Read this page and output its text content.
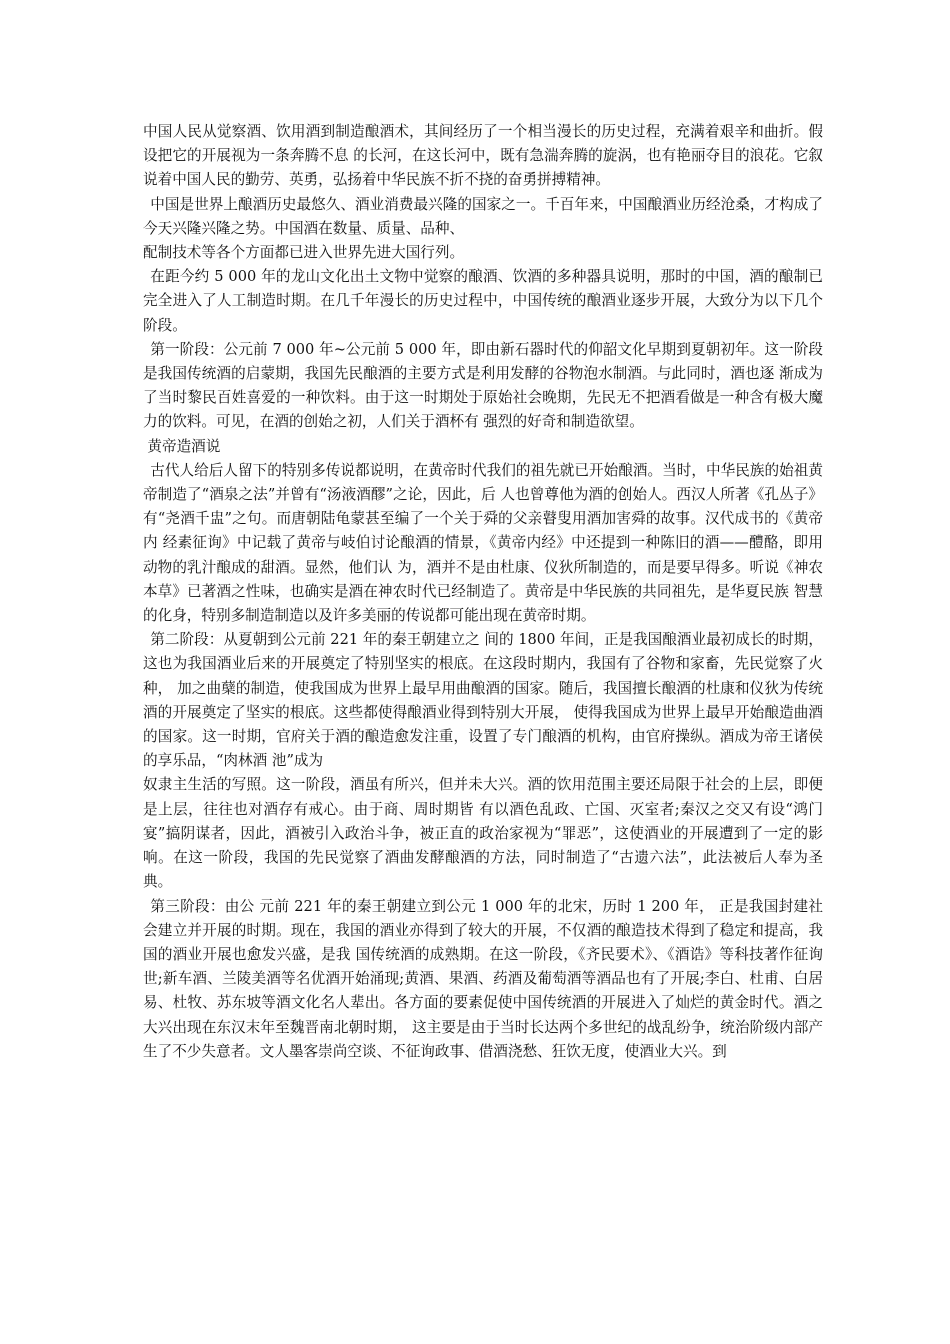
中国人民从觉察酒、饮用酒到制造酿酒术，其间经历了一个相当漫长的历史过程，充满着艰辛和曲折。假设把它的开展视为一条奔腾不息 的长河，在这长河中，既有急湍奔腾的旋涡，也有艳丽夺目的浪花。它叙说着中国人民的勤劳、英勇，弘扬着中华民族不折不挠的奋勇拼搏精神。

中国是世界上酿酒历史最悠久、酒业消费最兴隆的国家之一。千百年来，中国酿酒业历经沧桑，才构成了今天兴隆兴隆之势。中国酒在数量、质量、品种、

配制技术等各个方面都已进入世界先进大国行列。

在距今约 5 000 年的龙山文化出土文物中觉察的酿酒、饮酒的多种器具说明，那时的中国，酒的酿制已完全进入了人工制造时期。在几千年漫长的历史过程中，中国传统的酿酒业逐步开展，大致分为以下几个阶段。

第一阶段：公元前 7 000 年~公元前 5 000 年，即由新石器时代的仰韶文化早期到夏朝初年。这一阶段是我国传统酒的启蒙期，我国先民酿酒的主要方式是利用发酵的谷物泡水制酒。与此同时，酒也逐 渐成为了当时黎民百姓喜爱的一种饮料。由于这一时期处于原始社会晚期，先民无不把酒看做是一种含有极大魔力的饮料。可见，在酒的创始之初，人们关于酒杯有 强烈的好奇和制造欲望。

黄帝造酒说

古代人给后人留下的特别多传说都说明，在黄帝时代我们的祖先就已开始酿酒。当时，中华民族的始祖黄帝制造了“酒泉之法”并曾有“汤液酒醪”之论，因此，后 人也曾尊他为酒的创始人。西汉人所著《孔丛子》有“尧酒千盅”之句。而唐朝陆龟蒙甚至编了一个关于舜的父亲瞽叟用酒加害舜的故事。汉代成书的《黄帝内 经素征询》中记载了黄帝与岐伯讨论酿酒的情景，《黄帝内经》中还提到一种陈旧的酒——醴酪，即用动物的乳汁酿成的甜酒。显然，他们认 为，酒并不是由杜康、仪狄所制造的，而是要早得多。听说《神农本草》已著酒之性味，也确实是酒在神农时代已经制造了。黄帝是中华民族的共同祖先，是华夏民族 智慧的化身，特别多制造制造以及许多美丽的传说都可能出现在黄帝时期。

第二阶段：从夏朝到公元前 221 年的秦王朝建立之 间的 1800 年间，正是我国酿酒业最初成长的时期，这也为我国酒业后来的开展奠定了特别坚实的根底。在这段时期内，我国有了谷物和家畜，先民觉察了火种， 加之曲蘖的制造，使我国成为世界上最早用曲酿酒的国家。随后，我国擅长酿酒的杜康和仪狄为传统酒的开展奠定了坚实的根底。这些都使得酿酒业得到特别大开展， 使得我国成为世界上最早开始酿造曲酒的国家。这一时期，官府关于酒的酿造愈发注重，设置了专门酿酒的机构，由官府操纵。酒成为帝王诸侯的享乐品，“肉林酒 池”成为

奴隶主生活的写照。这一阶段，酒虽有所兴，但并未大兴。酒的饮用范围主要还局限于社会的上层，即便是上层，往往也对酒存有戒心。由于商、周时期皆 有以酒色乱政、亡国、灭室者;秦汉之交又有设“鸿门宴”搞阴谋者，因此，酒被引入政治斗争，被正直的政治家视为“罪恶”，这使酒业的开展遭到了一定的影 响。在这一阶段，我国的先民觉察了酒曲发酵酿酒的方法，同时制造了“古遗六法”，此法被后人奉为圣典。

第三阶段：由公 元前 221 年的秦王朝建立到公元 1 000 年的北宋，历时 1 200 年， 正是我国封建社会建立并开展的时期。现在，我国的酒业亦得到了较大的开展，不仅酒的酿造技术得到了稳定和提高，我国的酒业开展也愈发兴盛，是我 国传统酒的成熟期。在这一阶段，《齐民要术》、《酒诰》等科技著作征询世;新车酒、兰陵美酒等名优酒开始涌现;黄酒、果酒、药酒及葡萄酒等酒品也有了开展;李白、杜甫、白居易、杜牧、苏东坡等酒文化名人辈出。各方面的要素促使中国传统酒的开展进入了灿烂的黄金时代。酒之大兴出现在东汉末年至魏晋南北朝时期， 这主要是由于当时长达两个多世纪的战乱纷争，统治阶级内部产生了不少失意者。文人墨客崇尚空谈、不征询政事、借酒浇愁、狂饮无度，使酒业大兴。到
